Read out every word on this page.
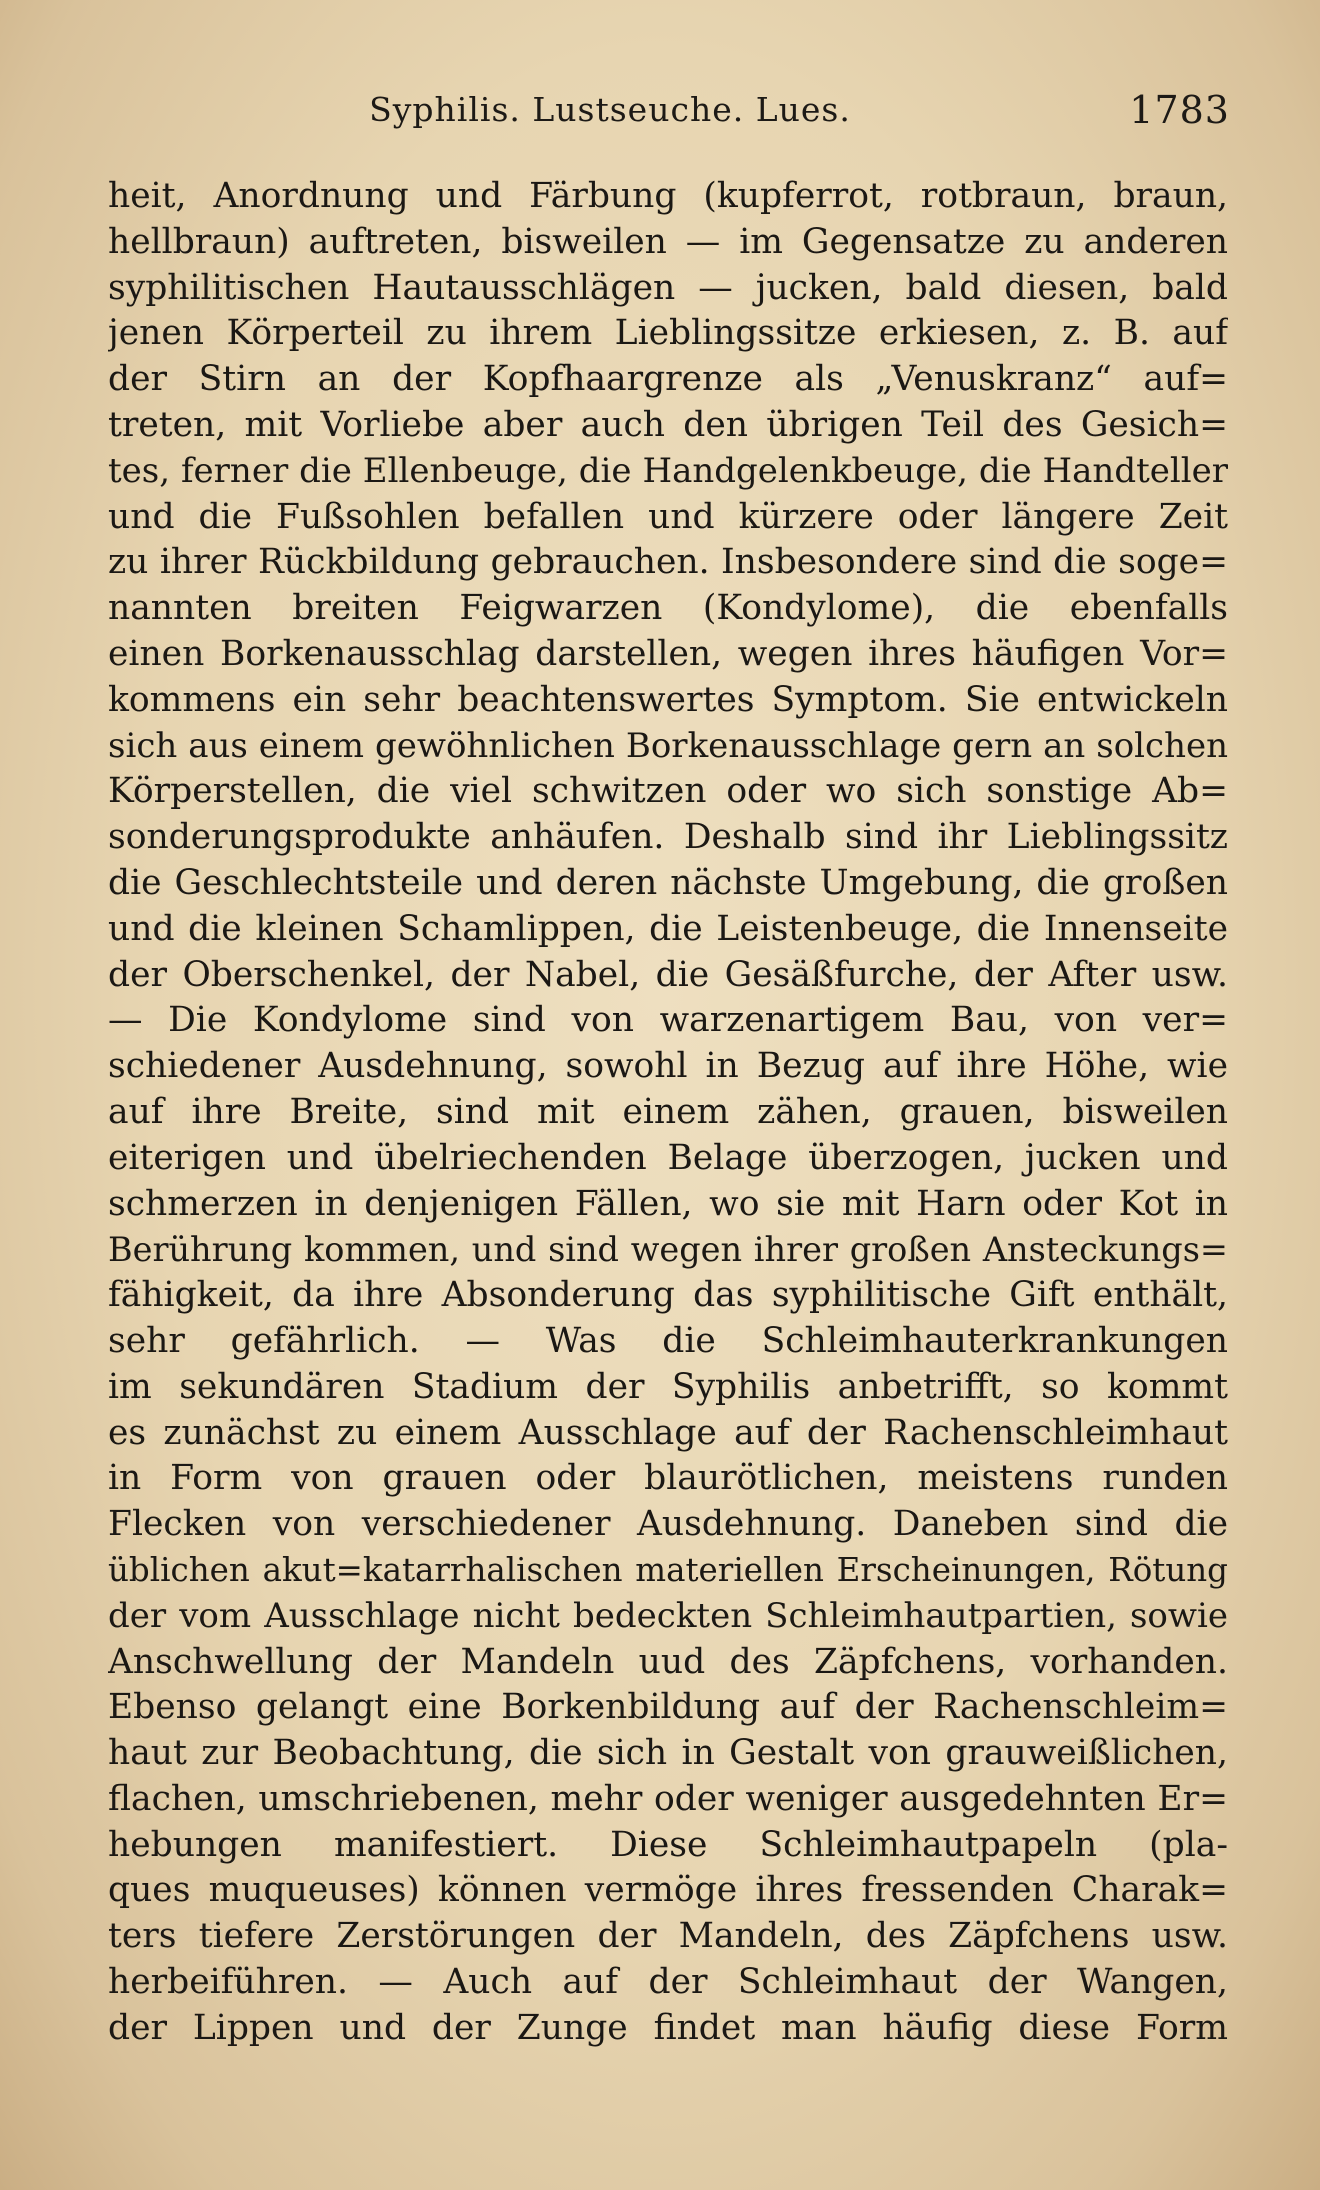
Syphilis. Lustseuche. Lues.	1783
heit, Anordnung und Färbung (kupferrot, rotbraun, braun,
hellbraun) auftreten, bisweilen — im Gegensatze zu anderen
syphilitischen Hautausschlägen — jucken, bald diesen, bald
jenen Körperteil zu ihrem Lieblingssitze erkiesen, z. B. auf
der Stirn an der Kopfhaargrenze als „Venuskranz“ auf=
treten, mit Vorliebe aber auch den übrigen Teil des Gesich=
tes, ferner die Ellenbeuge, die Handgelenkbeuge, die Handteller
und die Fußsohlen befallen und kürzere oder längere Zeit
zu ihrer Rückbildung gebrauchen. Insbesondere sind die soge=
nannten breiten Feigwarzen (Kondylome), die ebenfalls
einen Borkenausschlag darstellen, wegen ihres häufigen Vor=
kommens ein sehr beachtenswertes Symptom. Sie entwickeln
sich aus einem gewöhnlichen Borkenausschlage gern an solchen
Körperstellen, die viel schwitzen oder wo sich sonstige Ab=
sonderungsprodukte anhäufen. Deshalb sind ihr Lieblingssitz
die Geschlechtsteile und deren nächste Umgebung, die großen
und die kleinen Schamlippen, die Leistenbeuge, die Innenseite
der Oberschenkel, der Nabel, die Gesäßfurche, der After usw.
— Die Kondylome sind von warzenartigem Bau, von ver=
schiedener Ausdehnung, sowohl in Bezug auf ihre Höhe, wie
auf ihre Breite, sind mit einem zähen, grauen, bisweilen
eiterigen und übelriechenden Belage überzogen, jucken und
schmerzen in denjenigen Fällen, wo sie mit Harn oder Kot in
Berührung kommen, und sind wegen ihrer großen Ansteckungs=
fähigkeit, da ihre Absonderung das syphilitische Gift enthält,
sehr gefährlich. — Was die Schleimhauterkrankungen
im sekundären Stadium der Syphilis anbetrifft, so kommt
es zunächst zu einem Ausschlage auf der Rachenschleimhaut
in Form von grauen oder blaurötlichen, meistens runden
Flecken von verschiedener Ausdehnung. Daneben sind die
üblichen akut=katarrhalischen materiellen Erscheinungen, Rötung
der vom Ausschlage nicht bedeckten Schleimhautpartien, sowie
Anschwellung der Mandeln uud des Zäpfchens, vorhanden.
Ebenso gelangt eine Borkenbildung auf der Rachenschleim=
haut zur Beobachtung, die sich in Gestalt von grauweißlichen,
flachen, umschriebenen, mehr oder weniger ausgedehnten Er=
hebungen manifestiert. Diese Schleimhautpapeln (pla-
ques muqueuses) können vermöge ihres fressenden Charak=
ters tiefere Zerstörungen der Mandeln, des Zäpfchens usw.
herbeiführen. — Auch auf der Schleimhaut der Wangen,
der Lippen und der Zunge findet man häufig diese Form
